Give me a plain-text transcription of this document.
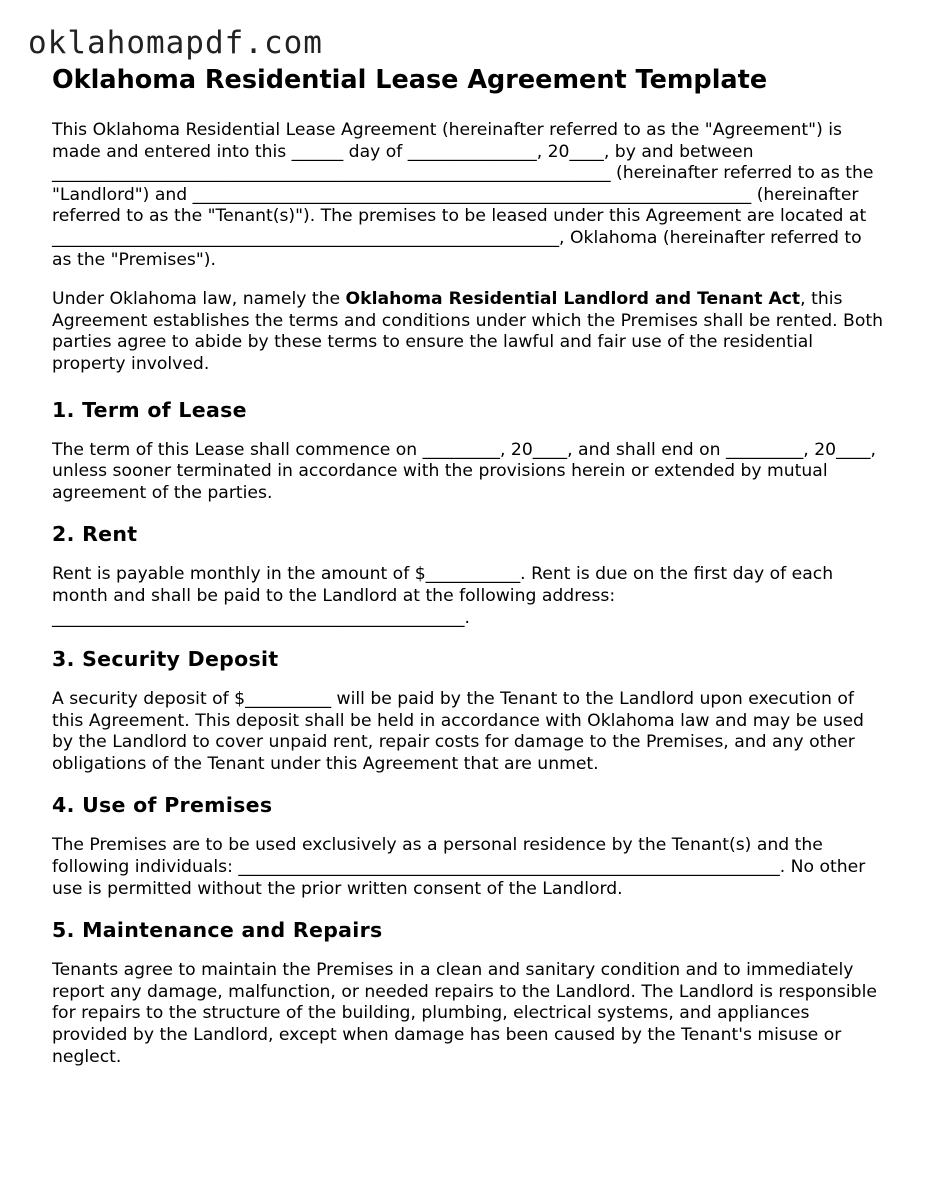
oklahomapdf.com
Oklahoma Residential Lease Agreement Template

This Oklahoma Residential Lease Agreement (hereinafter referred to as the "Agreement") is made and entered into this ______ day of _______________, 20____, by and between _________________________________________________________________ (hereinafter referred to as the "Landlord") and _________________________________________________________________ (hereinafter referred to as the "Tenant(s)"). The premises to be leased under this Agreement are located at ___________________________________________________________, Oklahoma (hereinafter referred to as the "Premises").

Under Oklahoma law, namely the Oklahoma Residential Landlord and Tenant Act, this Agreement establishes the terms and conditions under which the Premises shall be rented. Both parties agree to abide by these terms to ensure the lawful and fair use of the residential property involved.

1. Term of Lease

The term of this Lease shall commence on _________, 20____, and shall end on _________, 20____, unless sooner terminated in accordance with the provisions herein or extended by mutual agreement of the parties.

2. Rent

Rent is payable monthly in the amount of $___________. Rent is due on the first day of each month and shall be paid to the Landlord at the following address: ________________________________________________.

3. Security Deposit

A security deposit of $__________ will be paid by the Tenant to the Landlord upon execution of this Agreement. This deposit shall be held in accordance with Oklahoma law and may be used by the Landlord to cover unpaid rent, repair costs for damage to the Premises, and any other obligations of the Tenant under this Agreement that are unmet.

4. Use of Premises

The Premises are to be used exclusively as a personal residence by the Tenant(s) and the following individuals: _______________________________________________________________. No other use is permitted without the prior written consent of the Landlord.

5. Maintenance and Repairs

Tenants agree to maintain the Premises in a clean and sanitary condition and to immediately report any damage, malfunction, or needed repairs to the Landlord. The Landlord is responsible for repairs to the structure of the building, plumbing, electrical systems, and appliances provided by the Landlord, except when damage has been caused by the Tenant's misuse or neglect.
